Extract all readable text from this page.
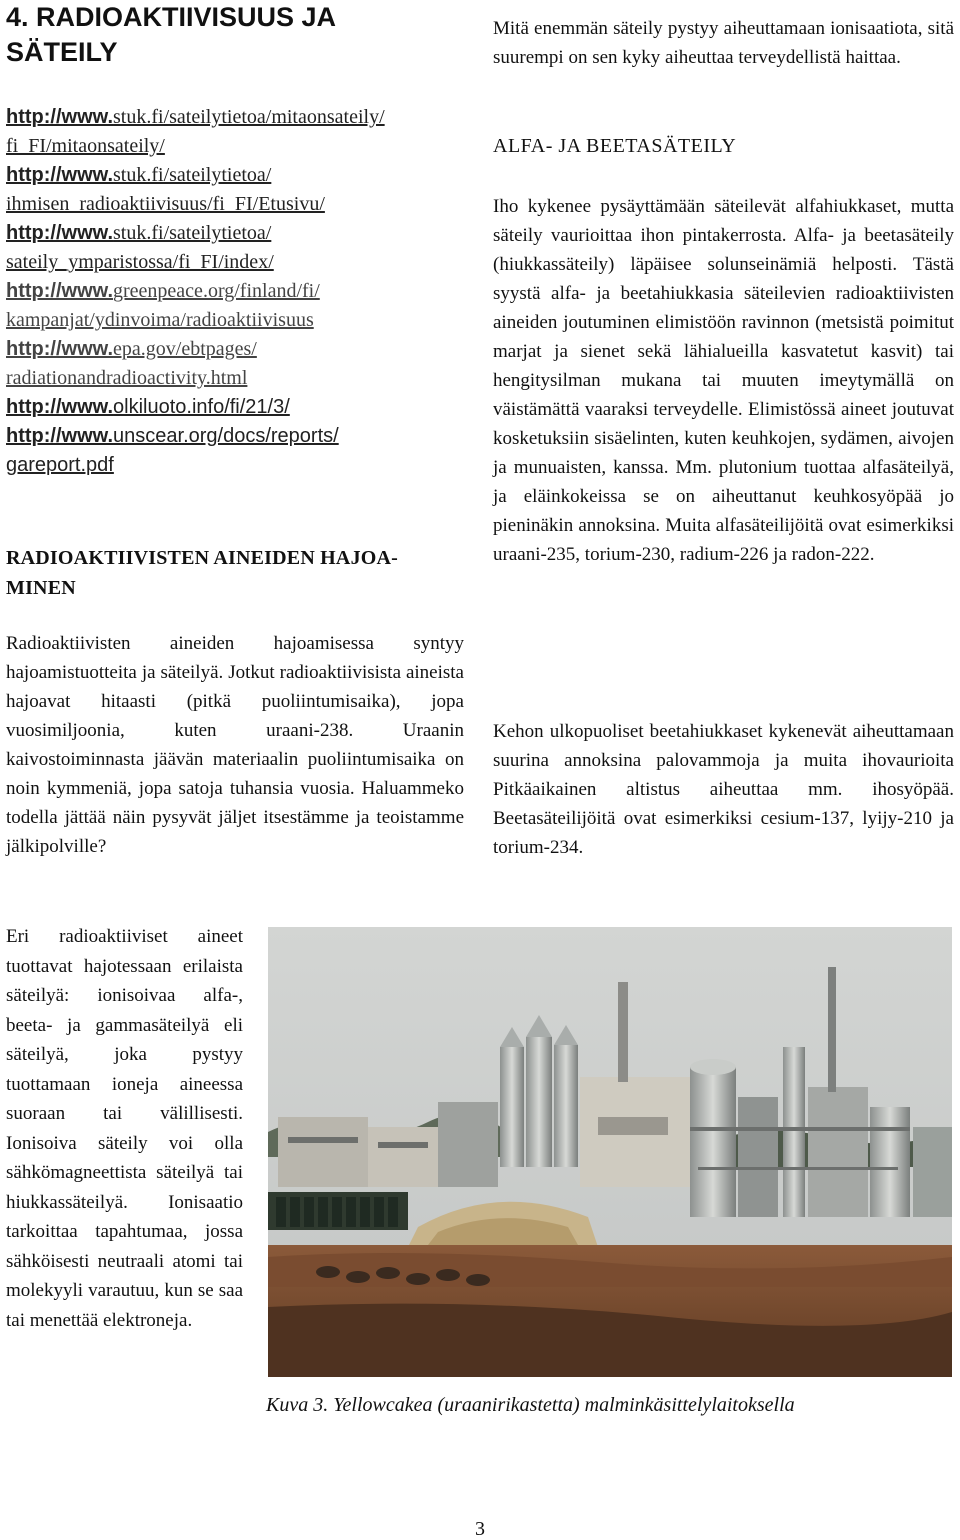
4. RADIOAKTIIVISUUS JA
SÄTEILY
http://www.stuk.fi/sateilytietoa/mitaonsateily/
fi_FI/mitaonsateily/
http://www.stuk.fi/sateilytietoa/
ihmisen_radioaktiivisuus/fi_FI/Etusivu/
http://www.stuk.fi/sateilytietoa/
sateily_ymparistossa/fi_FI/index/
http://www.greenpeace.org/finland/fi/
kampanjat/ydinvoima/radioaktiivisuus
http://www.epa.gov/ebtpages/
radiationandradioactivity.html
http://www.olkiluoto.info/fi/21/3/
http://www.unscear.org/docs/reports/
gareport.pdf
RADIOAKTIIVISTEN AINEIDEN HAJOA-
MINEN

Radioaktiivisten aineiden hajoamisessa syntyy hajoamistuotteita ja säteilyä. Jotkut radioaktiivisista aineista hajoavat hitaasti (pitkä puoliintumisaika), jopa vuosimiljoonia, kuten uraani-238. Uraanin kaivostoiminnasta jäävän materiaalin puoliintumisaika on noin kymmeniä, jopa satoja tuhansia vuosia. Haluammeko todella jättää näin pysyvät jäljet itsestämme ja teoistamme jälkipolville?

Mitä enemmän säteily pystyy aiheuttamaan ionisaatiota, sitä suurempi on sen kyky aiheuttaa terveydellistä haittaa.

ALFA- JA BEETASÄTEILY

Iho kykenee pysäyttämään säteilevät alfahiukkaset, mutta säteily vaurioittaa ihon pintakerrosta. Alfa- ja beetasäteily (hiukkassäteily) läpäisee solunseinämiä helposti. Tästä syystä alfa- ja beetahiukkasia säteilevien radioaktiivisten aineiden joutuminen elimistöön ravinnon (metsistä poimitut marjat ja sienet sekä lähialueilla kasvatetut kasvit) tai hengitysilman mukana tai muuten imeytymällä on väistämättä vaaraksi terveydelle. Elimistössä aineet joutuvat kosketuksiin sisäelinten, kuten keuhkojen, sydämen, aivojen ja munuaisten, kanssa. Mm. plutonium tuottaa alfasäteilyä, ja eläinkokeissa se on aiheuttanut keuhkosyöpää jo pieninäkin annoksina. Muita alfasäteilijöitä ovat esimerkiksi uraani-235, torium-230, radium-226 ja radon-222.

Kehon ulkopuoliset beetahiukkaset kykenevät aiheuttamaan suurina annoksina palovammoja ja muita ihovaurioita Pitkäaikainen altistus aiheuttaa mm. ihosyöpää. Beetasäteilijöitä ovat esimerkiksi cesium-137, lyijy-210 ja torium-234.

Eri radioaktiiviset aineet tuottavat hajotessaan erilaista säteilyä: ionisoivaa alfa-, beeta- ja gammasäteilyä eli säteilyä, joka pystyy tuottamaan ioneja aineessa suoraan tai välillisesti. Ionisoiva säteily voi olla sähkömagneettista säteilyä tai hiukkassäteilyä. Ionisaatio tarkoittaa tapahtumaa, jossa sähköisesti neutraali atomi tai molekyyli varautuu, kun se saa tai menettää elektroneja.

Kuva 3. Yellowcakea (uraanirikastetta) malminkäsittelylaitoksella
3
